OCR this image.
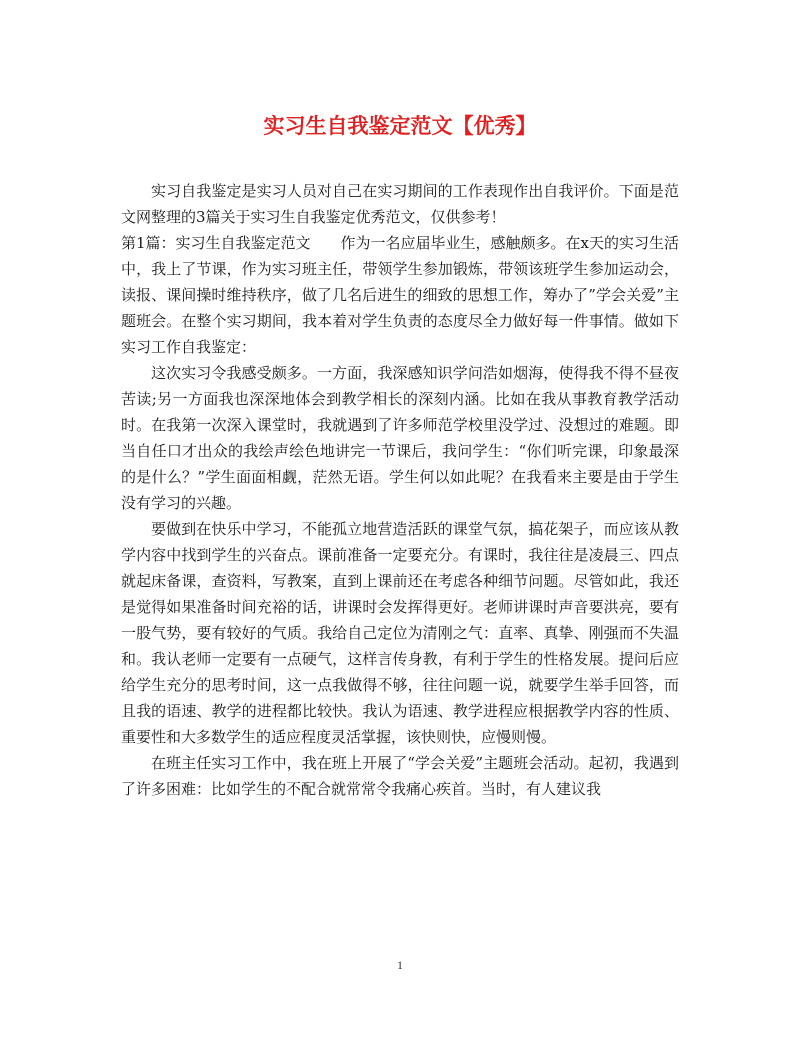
实习生自我鉴定范文【优秀】

实习自我鉴定是实习人员对自己在实习期间的工作表现作出自我评价。下面是范文网整理的3篇关于实习生自我鉴定优秀范文，仅供参考！

第1篇：实习生自我鉴定范文　　作为一名应届毕业生，感触颇多。在x天的实习生活中，我上了节课，作为实习班主任，带领学生参加锻炼，带领该班学生参加运动会，读报、课间操时维持秩序，做了几名后进生的细致的思想工作，筹办了”学会关爱”主题班会。在整个实习期间，我本着对学生负责的态度尽全力做好每一件事情。做如下实习工作自我鉴定：

这次实习令我感受颇多。一方面，我深感知识学问浩如烟海，使得我不得不昼夜苦读;另一方面我也深深地体会到教学相长的深刻内涵。比如在我从事教育教学活动时。在我第一次深入课堂时，我就遇到了许多师范学校里没学过、没想过的难题。即当自任口才出众的我绘声绘色地讲完一节课后，我问学生：“你们听完课，印象最深的是什么？”学生面面相觑，茫然无语。学生何以如此呢？在我看来主要是由于学生没有学习的兴趣。

要做到在快乐中学习，不能孤立地营造活跃的课堂气氛，搞花架子，而应该从教学内容中找到学生的兴奋点。课前准备一定要充分。有课时，我往往是凌晨三、四点就起床备课，查资料，写教案，直到上课前还在考虑各种细节问题。尽管如此，我还是觉得如果准备时间充裕的话，讲课时会发挥得更好。老师讲课时声音要洪亮，要有一股气势，要有较好的气质。我给自己定位为清刚之气：直率、真挚、刚强而不失温和。我认老师一定要有一点硬气，这样言传身教，有利于学生的性格发展。提问后应给学生充分的思考时间，这一点我做得不够，往往问题一说，就要学生举手回答，而且我的语速、教学的进程都比较快。我认为语速、教学进程应根据教学内容的性质、重要性和大多数学生的适应程度灵活掌握，该快则快，应慢则慢。

在班主任实习工作中，我在班上开展了“学会关爱”主题班会活动。起初，我遇到了许多困难：比如学生的不配合就常常令我痛心疾首。当时，有人建议我

1
